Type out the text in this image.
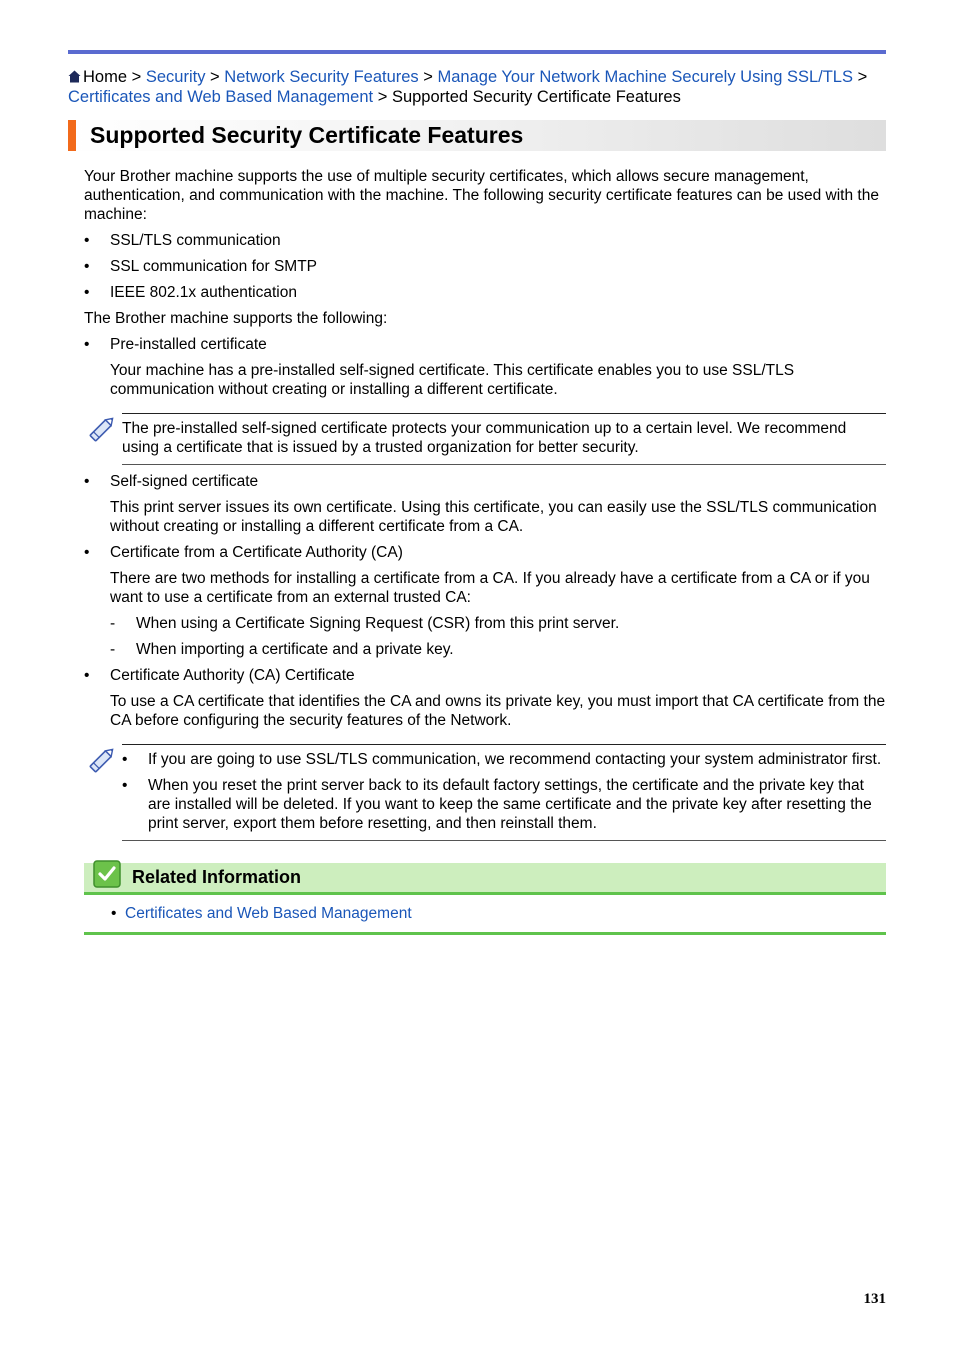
Home > Security > Network Security Features > Manage Your Network Machine Securely Using SSL/​TLS > Certificates and Web Based Management > Supported Security Certificate Features
Supported Security Certificate Features

Your Brother machine supports the use of multiple security certificates, which allows secure management, authentication, and communication with the machine. The following security certificate features can be used with the machine:

• SSL/TLS communication
• SSL communication for SMTP
• IEEE 802.1x authentication

The Brother machine supports the following:

• Pre-installed certificate

Your machine has a pre-installed self-signed certificate. This certificate enables you to use SSL/TLS communication without creating or installing a different certificate.

The pre-installed self-signed certificate protects your communication up to a certain level. We recommend using a certificate that is issued by a trusted organization for better security.

• Self-signed certificate

This print server issues its own certificate. Using this certificate, you can easily use the SSL/TLS communication without creating or installing a different certificate from a CA.

• Certificate from a Certificate Authority (CA)

There are two methods for installing a certificate from a CA. If you already have a certificate from a CA or if you want to use a certificate from an external trusted CA:

- When using a Certificate Signing Request (CSR) from this print server.
- When importing a certificate and a private key.
• Certificate Authority (CA) Certificate

To use a CA certificate that identifies the CA and owns its private key, you must import that CA certificate from the CA before configuring the security features of the Network.

• If you are going to use SSL/TLS communication, we recommend contacting your system administrator first.
• When you reset the print server back to its default factory settings, the certificate and the private key that are installed will be deleted. If you want to keep the same certificate and the private key after resetting the print server, export them before resetting, and then reinstall them.
Related Information
• Certificates and Web Based Management
131
